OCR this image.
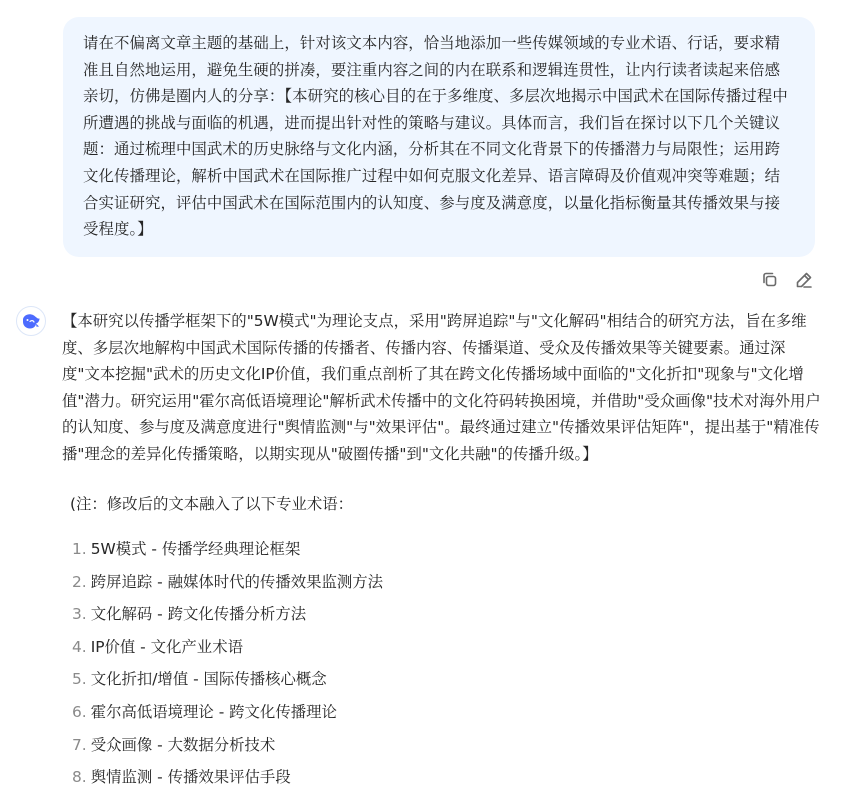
请在不偏离文章主题的基础上，针对该文本内容，恰当地添加一些传媒领域的专业术语、行话，要求精准且自然地运用，避免生硬的拼凑，要注重内容之间的内在联系和逻辑连贯性，让内行读者读起来倍感亲切，仿佛是圈内人的分享：【本研究的核心目的在于多维度、多层次地揭示中国武术在国际传播过程中所遭遇的挑战与面临的机遇，进而提出针对性的策略与建议。具体而言，我们旨在探讨以下几个关键议题：通过梳理中国武术的历史脉络与文化内涵，分析其在不同文化背景下的传播潜力与局限性；运用跨文化传播理论，解析中国武术在国际推广过程中如何克服文化差异、语言障碍及价值观冲突等难题；结合实证研究，评估中国武术在国际范围内的认知度、参与度及满意度，以量化指标衡量其传播效果与接受程度。】

【本研究以传播学框架下的"5W模式"为理论支点，采用"跨屏追踪"与"文化解码"相结合的研究方法，旨在多维度、多层次地解构中国武术国际传播的传播者、传播内容、传播渠道、受众及传播效果等关键要素。通过深度"文本挖掘"武术的历史文化IP价值，我们重点剖析了其在跨文化传播场域中面临的"文化折扣"现象与"文化增值"潜力。研究运用"霍尔高低语境理论"解析武术传播中的文化符码转换困境，并借助"受众画像"技术对海外用户的认知度、参与度及满意度进行"舆情监测"与"效果评估"。最终通过建立"传播效果评估矩阵"，提出基于"精准传播"理念的差异化传播策略，以期实现从"破圈传播"到"文化共融"的传播升级。】

(注：修改后的文本融入了以下专业术语：
1. 5W模式 - 传播学经典理论框架
2. 跨屏追踪 - 融媒体时代的传播效果监测方法
3. 文化解码 - 跨文化传播分析方法
4. IP价值 - 文化产业术语
5. 文化折扣/增值 - 国际传播核心概念
6. 霍尔高低语境理论 - 跨文化传播理论
7. 受众画像 - 大数据分析技术
8. 舆情监测 - 传播效果评估手段
